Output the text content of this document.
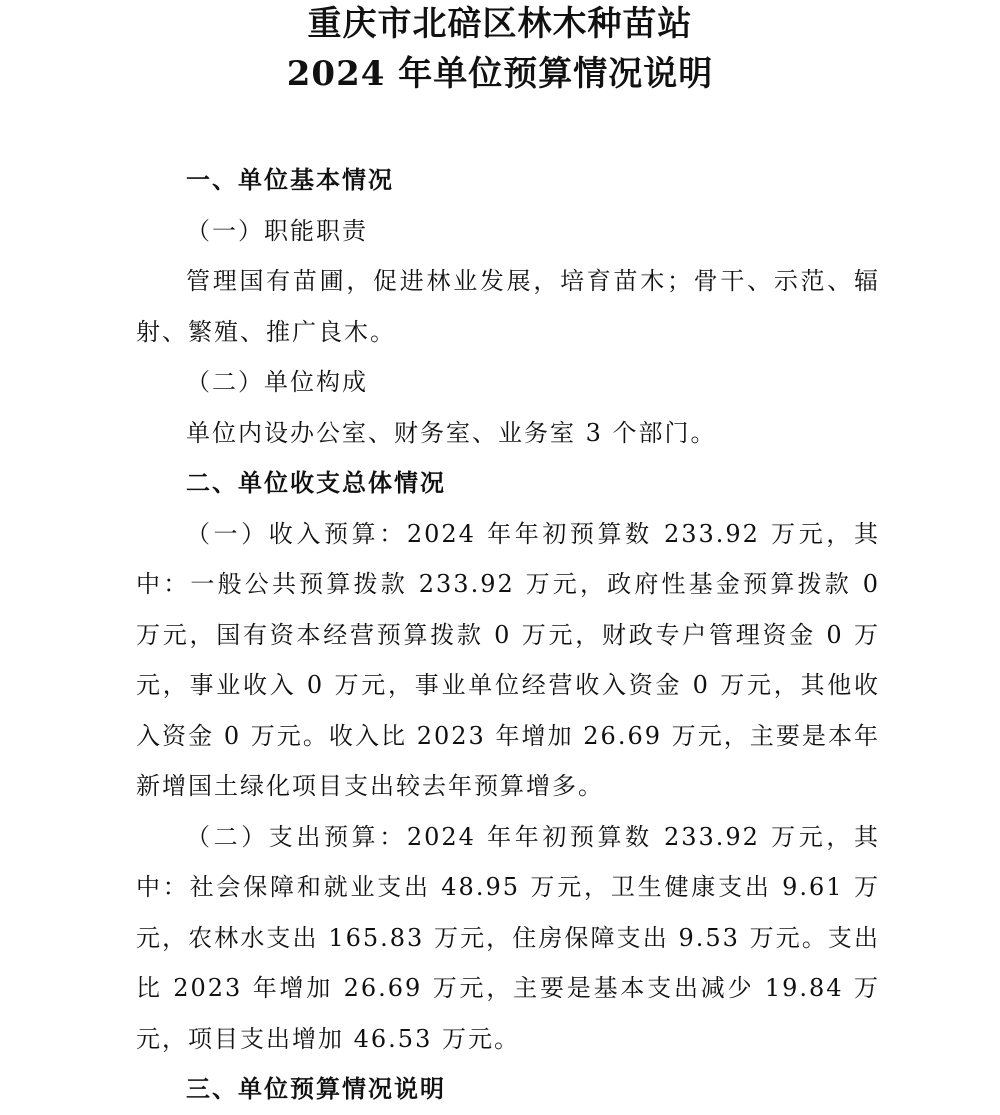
重庆市北碚区林木种苗站
2024 年单位预算情况说明

一、单位基本情况

（一）职能职责

管理国有苗圃，促进林业发展，培育苗木；骨干、示范、辐射、繁殖、推广良木。

（二）单位构成

单位内设办公室、财务室、业务室 3 个部门。

二、单位收支总体情况

（一）收入预算：2024 年年初预算数 233.92 万元，其中：一般公共预算拨款 233.92 万元，政府性基金预算拨款 0 万元，国有资本经营预算拨款 0 万元，财政专户管理资金 0 万元，事业收入 0 万元，事业单位经营收入资金 0 万元，其他收入资金 0 万元。收入比 2023 年增加 26.69 万元，主要是本年新增国土绿化项目支出较去年预算增多。

（二）支出预算：2024 年年初预算数 233.92 万元，其中：社会保障和就业支出 48.95 万元，卫生健康支出 9.61 万元，农林水支出 165.83 万元，住房保障支出 9.53 万元。支出比 2023 年增加 26.69 万元，主要是基本支出减少 19.84 万元，项目支出增加 46.53 万元。

三、单位预算情况说明
